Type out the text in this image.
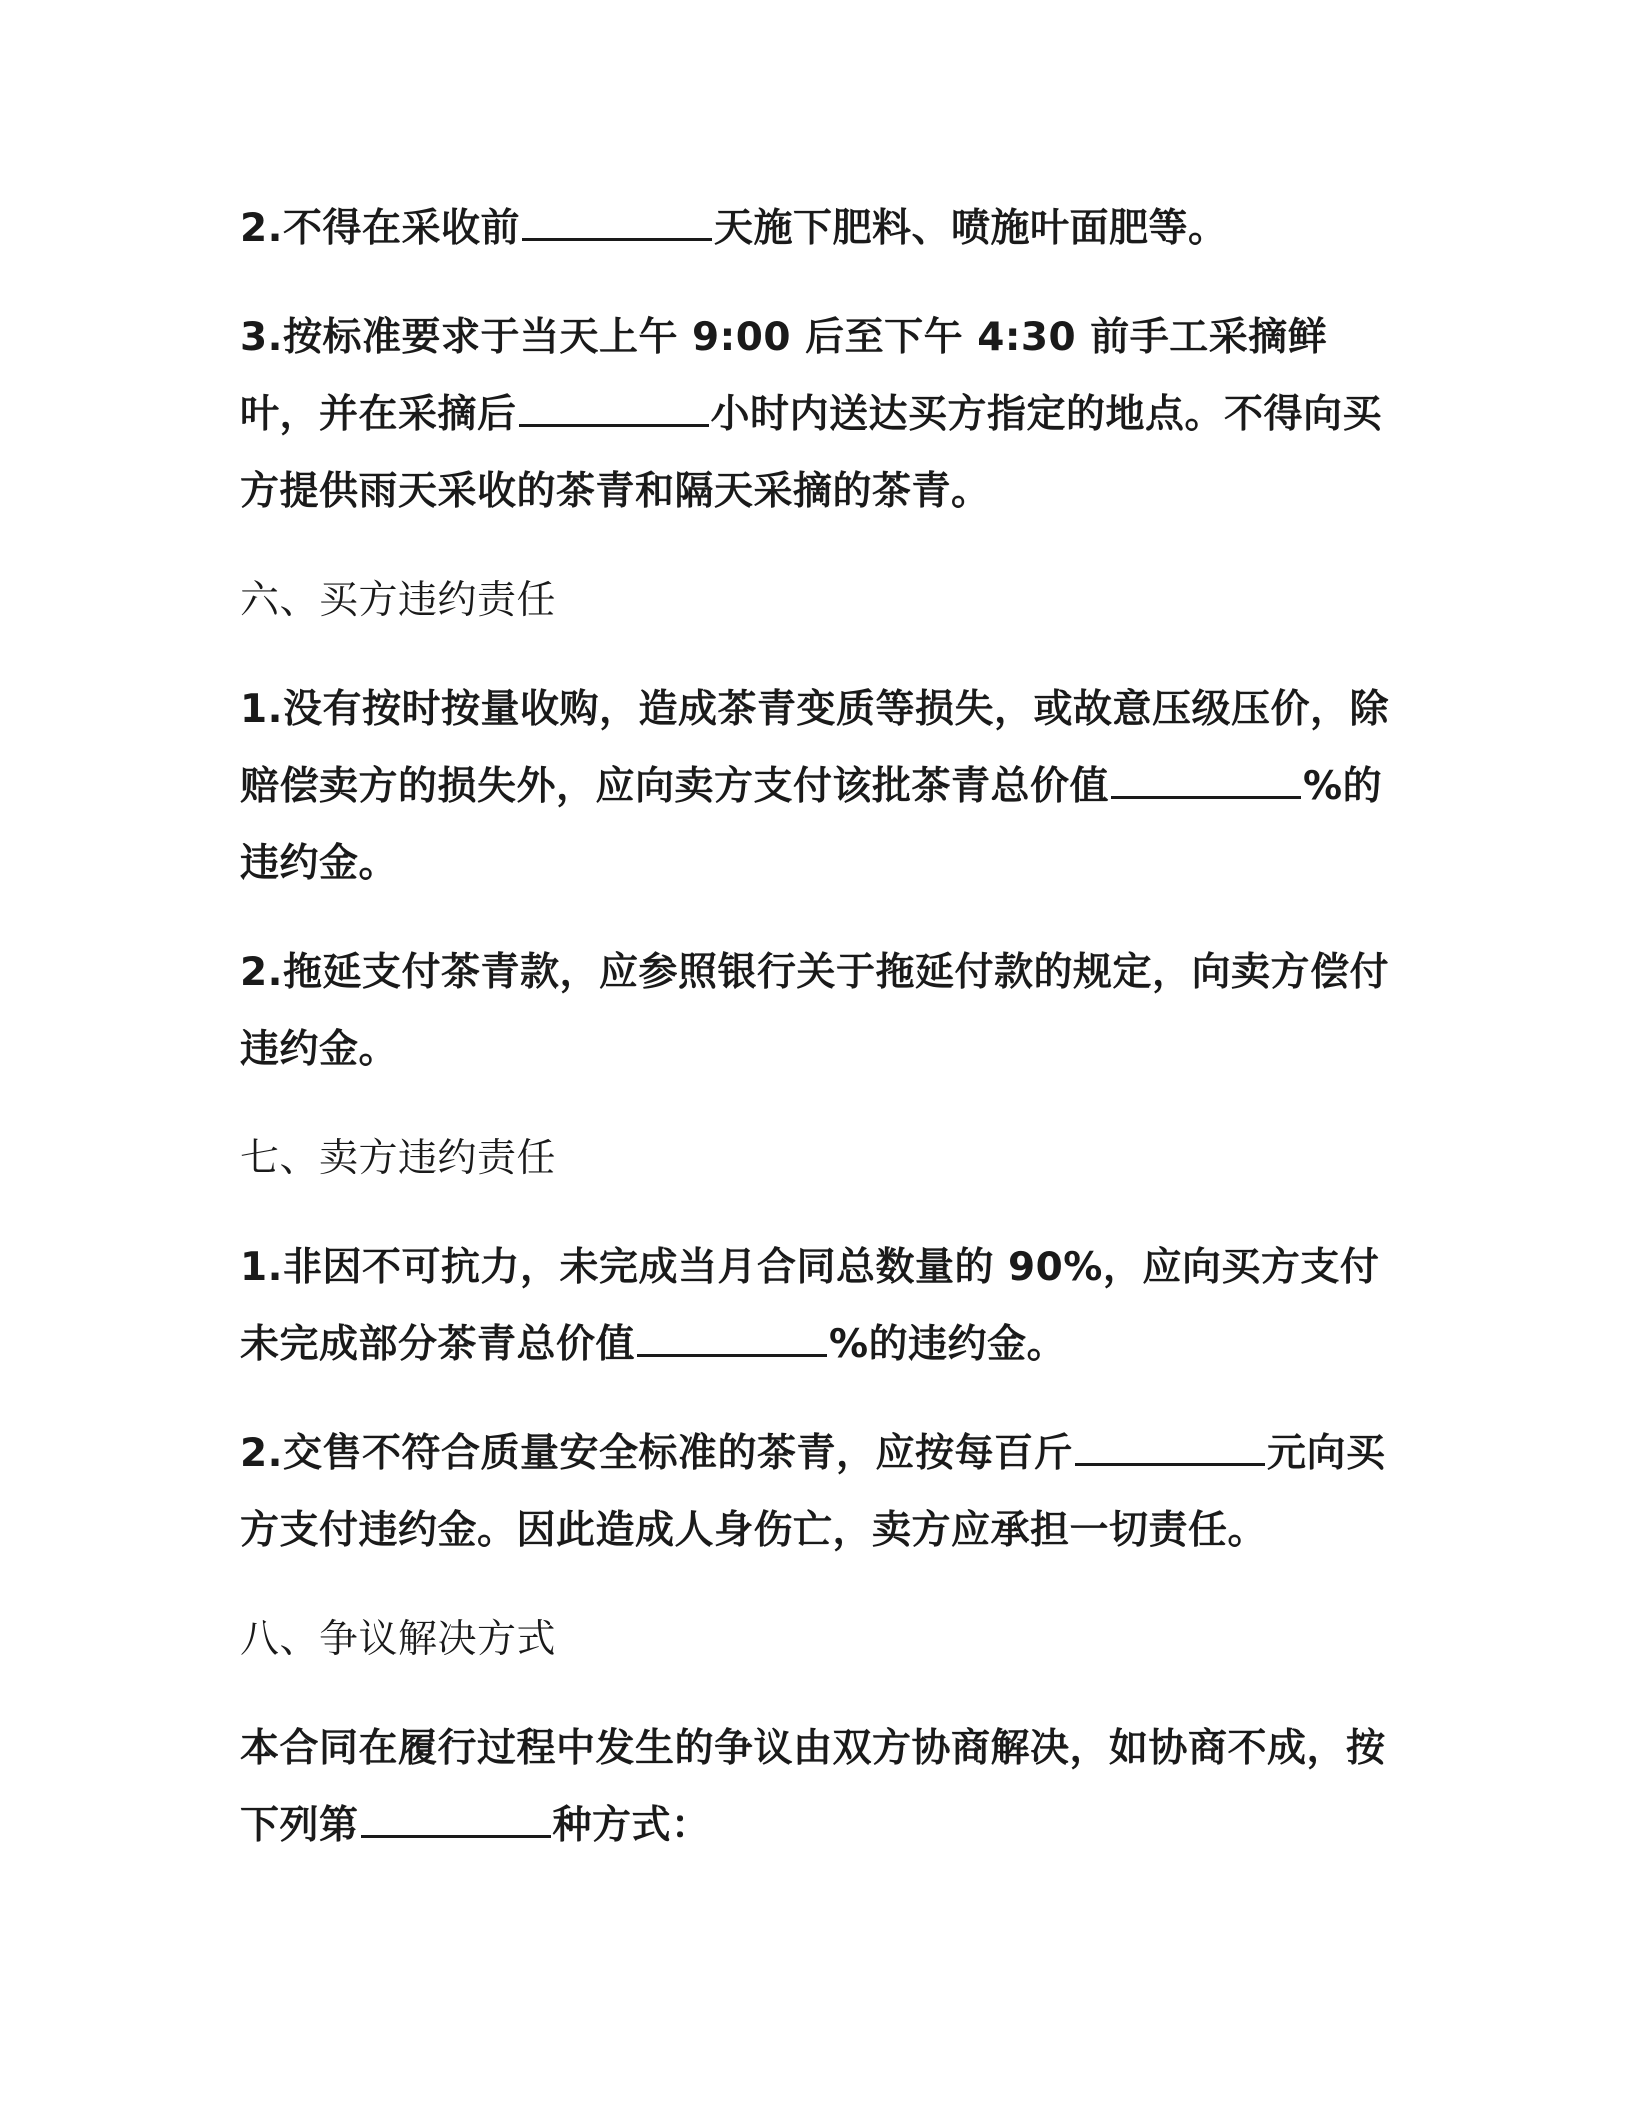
2.不得在采收前	天施下肥料、喷施叶面肥等。

3.按标准要求于当天上午 9:00 后至下午 4:30 前手工采摘鲜叶，并在采摘后	小时内送达买方指定的地点。不得向买方提供雨天采收的茶青和隔天采摘的茶青。

六、买方违约责任

1.没有按时按量收购，造成茶青变质等损失，或故意压级压价，除赔偿卖方的损失外，应向卖方支付该批茶青总价值	%的违约金。

2.拖延支付茶青款，应参照银行关于拖延付款的规定，向卖方偿付违约金。

七、卖方违约责任

1.非因不可抗力，未完成当月合同总数量的 90%，应向买方支付未完成部分茶青总价值	%的违约金。

2.交售不符合质量安全标准的茶青，应按每百斤	元向买方支付违约金。因此造成人身伤亡，卖方应承担一切责任。

八、争议解决方式

本合同在履行过程中发生的争议由双方协商解决，如协商不成，按下列第	种方式：
